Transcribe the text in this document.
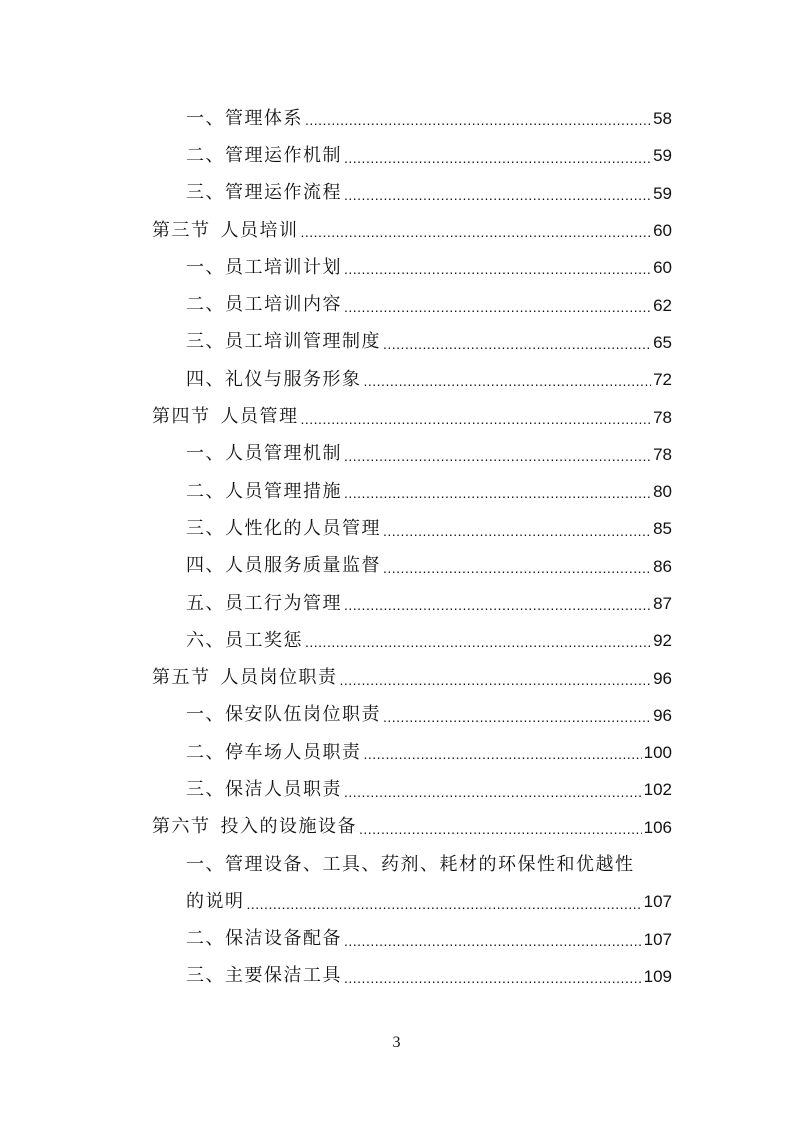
一、管理体系 .....	58
二、管理运作机制 .....	59
三、管理运作流程 .....	59
第三节 人员培训 .....	60
一、员工培训计划 .....	60
二、员工培训内容 .....	62
三、员工培训管理制度 .....	65
四、礼仪与服务形象 .....	72
第四节 人员管理 .....	78
一、人员管理机制 .....	78
二、人员管理措施 .....	80
三、人性化的人员管理 .....	85
四、人员服务质量监督 .....	86
五、员工行为管理 .....	87
六、员工奖惩 .....	92
第五节 人员岗位职责 .....	96
一、保安队伍岗位职责 .....	96
二、停车场人员职责 .....	100
三、保洁人员职责 .....	102
第六节 投入的设施设备 .....	106
一、管理设备、工具、药剂、耗材的环保性和优越性
的说明 .....	107
二、保洁设备配备 .....	107
三、主要保洁工具 .....	109
3
